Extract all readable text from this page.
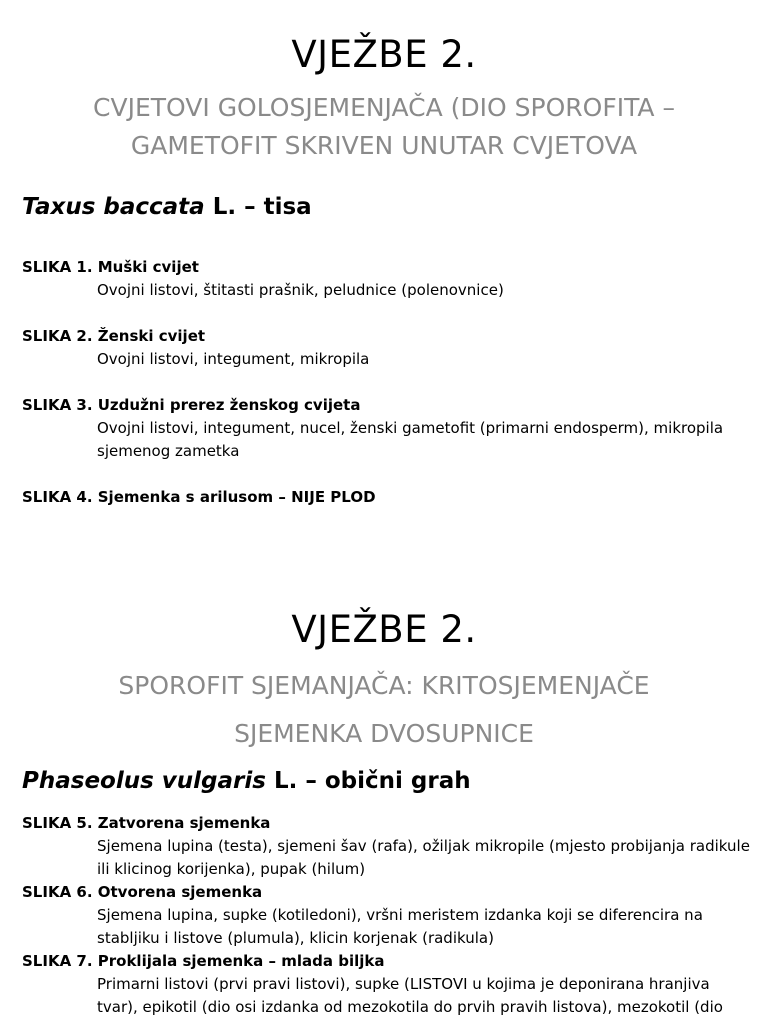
VJEŽBE 2.
CVJETOVI GOLOSJEMENJAČA (DIO SPOROFITA –
GAMETOFIT SKRIVEN UNUTAR CVJETOVA
Taxus baccata L. – tisa
SLIKA 1. Muški cvijet

Ovojni listovi, štitasti prašnik, peludnice (polenovnice)

SLIKA 2. Ženski cvijet

Ovojni listovi, integument, mikropila

SLIKA 3. Uzdužni prerez ženskog cvijeta

Ovojni listovi, integument, nucel, ženski gametofit (primarni endosperm), mikropila sjemenog zametka

SLIKA 4. Sjemenka s arilusom – NIJE PLOD
VJEŽBE 2.
SPOROFIT SJEMANJAČA: KRITOSJEMENJAČE
SJEMENKA DVOSUPNICE
Phaseolus vulgaris L. – obični grah
SLIKA 5. Zatvorena sjemenka

Sjemena lupina (testa), sjemeni šav (rafa), ožiljak mikropile (mjesto probijanja radikule ili klicinog korijenka), pupak (hilum)

SLIKA 6. Otvorena sjemenka

Sjemena lupina, supke (kotiledoni), vršni meristem izdanka koji se diferencira na stabljiku i listove (plumula), klicin korjenak (radikula)

SLIKA 7. Proklijala sjemenka – mlada biljka

Primarni listovi (prvi pravi listovi), supke (LISTOVI u kojima je deponirana hranjiva tvar), epikotil (dio osi izdanka od mezokotila do prvih pravih listova), mezokotil (dio
